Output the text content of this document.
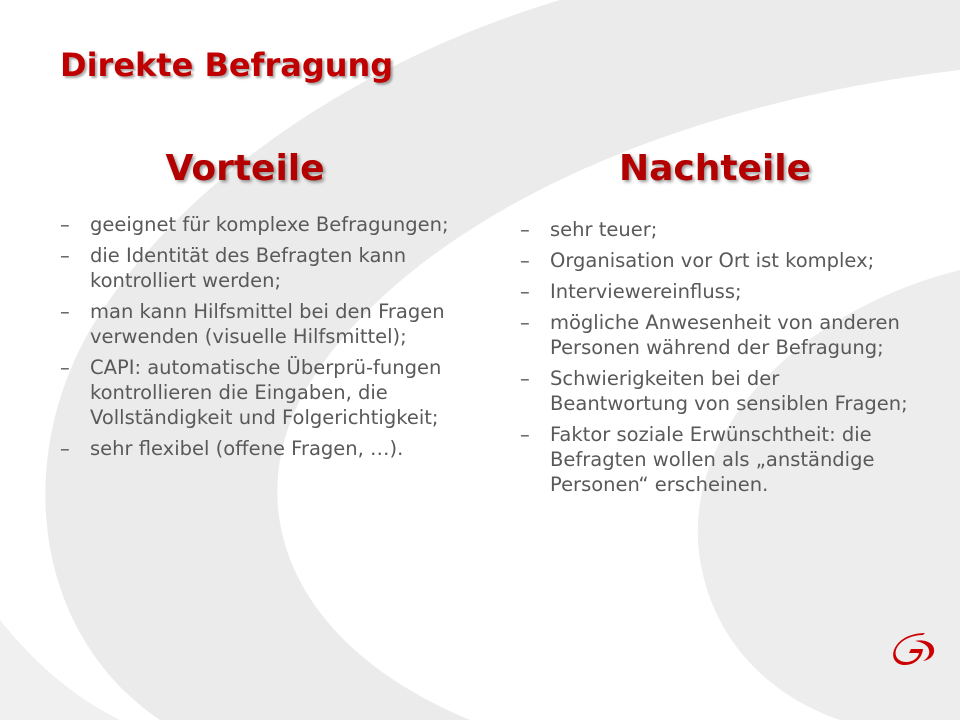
Direkte Befragung
Vorteile	Nachteile
–	geeignet für komplexe Befragungen;
–	die Identität des Befragten kann kontrolliert werden;
–	man kann Hilfsmittel bei den Fragen verwenden (visuelle Hilfsmittel);
–	CAPI: automatische Überprü-fungen kontrollieren die Eingaben, die Vollständigkeit und Folgerichtigkeit;
–	sehr flexibel (offene Fragen, …).
–	sehr teuer;
–	Organisation vor Ort ist komplex;
–	Interviewereinfluss;
–	mögliche Anwesenheit von anderen Personen während der Befragung;
–	Schwierigkeiten bei der Beantwortung von sensiblen Fragen;
–	Faktor soziale Erwünschtheit: die Befragten wollen als „anständige Personen“ erscheinen.
